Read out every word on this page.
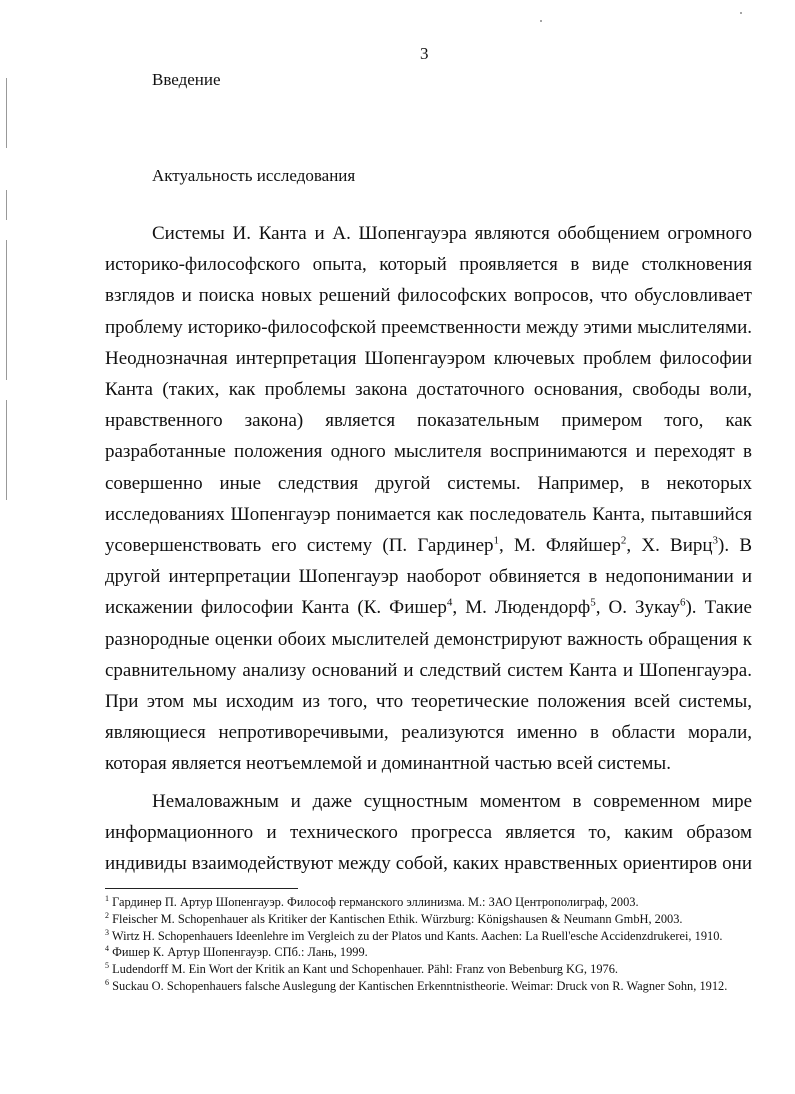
3
Введение
Актуальность исследования
Системы И. Канта и А. Шопенгауэра являются обобщением огромного
историко-философского опыта, который проявляется в виде столкновения
взглядов и поиска новых решений философских вопросов, что обусловливает
проблему историко-философской преемственности между этими мыслителями.
Неоднозначная интерпретация Шопенгауэром ключевых проблем философии
Канта (таких, как проблемы закона достаточного основания, свободы воли,
нравственного закона) является показательным примером того, как
разработанные положения одного мыслителя воспринимаются и переходят в
совершенно иные следствия другой системы. Например, в некоторых
исследованиях Шопенгауэр понимается как последователь Канта, пытавшийся
усовершенствовать его систему (П. Гардинер$^1$, М. Фляйшер$^2$, Х. Вирц$^3$). В
другой интерпретации Шопенгауэр наоборот обвиняется в недопонимании и
искажении философии Канта (К. Фишер$^4$, М. Людендорф$^5$, О. Зукау$^6$). Такие
разнородные оценки обоих мыслителей демонстрируют важность обращения к
сравнительному анализу оснований и следствий систем Канта и Шопенгауэра.
При этом мы исходим из того, что теоретические положения всей системы,
являющиеся непротиворечивыми, реализуются именно в области морали,
которая является неотъемлемой и доминантной частью всей системы.
Немаловажным и даже сущностным моментом в современном мире
информационного и технического прогресса является то, каким образом
индивиды взаимодействуют между собой, каких нравственных ориентиров они
$^1$ Гардинер П. Артур Шопенгауэр. Философ германского эллинизма. М.: ЗАО Центрополиграф, 2003.
$^2$ Fleischer M. Schopenhauer als Kritiker der Kantischen Ethik. Würzburg: Königshausen & Neumann GmbH, 2003.
$^3$ Wirtz H. Schopenhauers Ideenlehre im Vergleich zu der Platos und Kants. Aachen: La Ruell'esche Accidenzdrukerei, 1910.
$^4$ Фишер К. Артур Шопенгауэр. СПб.: Лань, 1999.
$^5$ Ludendorff M. Ein Wort der Kritik an Kant und Schopenhauer. Pähl: Franz von Bebenburg KG, 1976.
$^6$ Suckau O. Schopenhauers falsche Auslegung der Kantischen Erkenntnistheorie. Weimar: Druck von R. Wagner Sohn, 1912.
